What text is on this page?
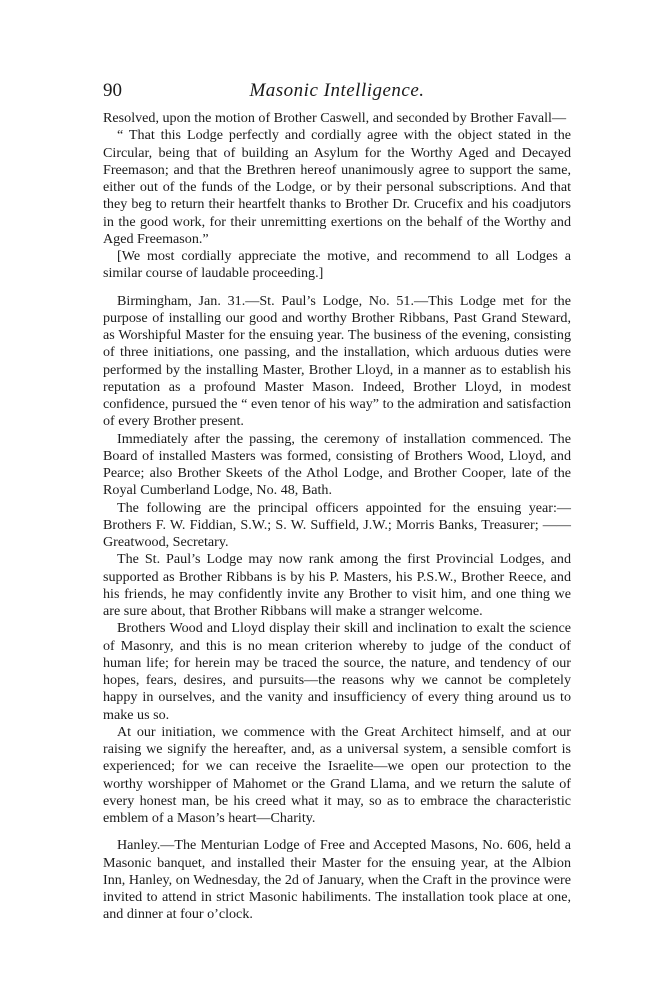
90	Masonic Intelligence.

Resolved, upon the motion of Brother Caswell, and seconded by Brother Favall—

“ That this Lodge perfectly and cordially agree with the object stated in the Circular, being that of building an Asylum for the Worthy Aged and Decayed Freemason; and that the Brethren hereof unanimously agree to support the same, either out of the funds of the Lodge, or by their personal subscriptions. And that they beg to return their heartfelt thanks to Brother Dr. Crucefix and his coadjutors in the good work, for their unremitting exertions on the behalf of the Worthy and Aged Freemason.”

[We most cordially appreciate the motive, and recommend to all Lodges a similar course of laudable proceeding.]

Birmingham, Jan. 31.—St. Paul’s Lodge, No. 51.—This Lodge met for the purpose of installing our good and worthy Brother Ribbans, Past Grand Steward, as Worshipful Master for the ensuing year. The business of the evening, consisting of three initiations, one passing, and the installation, which arduous duties were performed by the installing Master, Brother Lloyd, in a manner as to establish his reputation as a profound Master Mason. Indeed, Brother Lloyd, in modest confidence, pursued the “ even tenor of his way” to the admiration and satisfaction of every Brother present.

Immediately after the passing, the ceremony of installation commenced. The Board of installed Masters was formed, consisting of Brothers Wood, Lloyd, and Pearce; also Brother Skeets of the Athol Lodge, and Brother Cooper, late of the Royal Cumberland Lodge, No. 48, Bath.

The following are the principal officers appointed for the ensuing year:—Brothers F. W. Fiddian, S.W.; S. W. Suffield, J.W.; Morris Banks, Treasurer; —— Greatwood, Secretary.

The St. Paul’s Lodge may now rank among the first Provincial Lodges, and supported as Brother Ribbans is by his P. Masters, his P.S.W., Brother Reece, and his friends, he may confidently invite any Brother to visit him, and one thing we are sure about, that Brother Ribbans will make a stranger welcome.

Brothers Wood and Lloyd display their skill and inclination to exalt the science of Masonry, and this is no mean criterion whereby to judge of the conduct of human life; for herein may be traced the source, the nature, and tendency of our hopes, fears, desires, and pursuits—the reasons why we cannot be completely happy in ourselves, and the vanity and insufficiency of every thing around us to make us so.

At our initiation, we commence with the Great Architect himself, and at our raising we signify the hereafter, and, as a universal system, a sensible comfort is experienced; for we can receive the Israelite—we open our protection to the worthy worshipper of Mahomet or the Grand Llama, and we return the salute of every honest man, be his creed what it may, so as to embrace the characteristic emblem of a Mason’s heart—Charity.

Hanley.—The Menturian Lodge of Free and Accepted Masons, No. 606, held a Masonic banquet, and installed their Master for the ensuing year, at the Albion Inn, Hanley, on Wednesday, the 2d of January, when the Craft in the province were invited to attend in strict Masonic habiliments. The installation took place at one, and dinner at four o’clock.
